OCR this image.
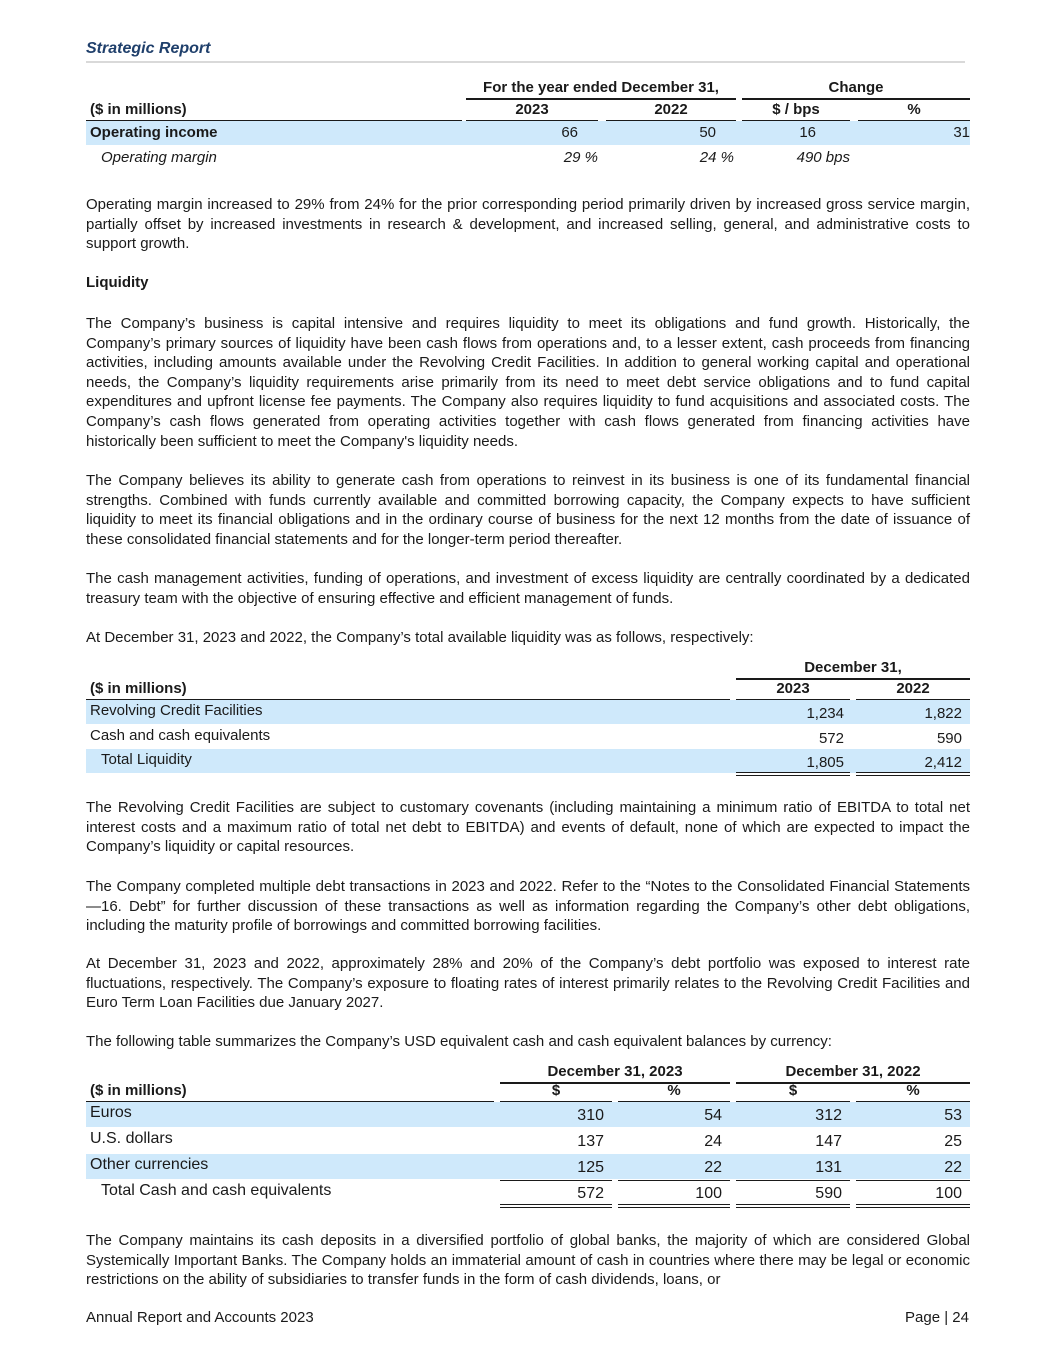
Strategic Report
For the year ended December 31,	Change
($ in millions)	2023	2022	$ / bps	%
Operating income	66	50	16	31
Operating margin	29 %	24 %	490 bps

Operating margin increased to 29% from 24% for the prior corresponding period primarily driven by increased gross service margin, partially offset by increased investments in research & development, and increased selling, general, and administrative costs to support growth.

Liquidity

The Company’s business is capital intensive and requires liquidity to meet its obligations and fund growth. Historically, the Company’s primary sources of liquidity have been cash flows from operations and, to a lesser extent, cash proceeds from financing activities, including amounts available under the Revolving Credit Facilities. In addition to general working capital and operational needs, the Company’s liquidity requirements arise primarily from its need to meet debt service obligations and to fund capital expenditures and upfront license fee payments. The Company also requires liquidity to fund acquisitions and associated costs. The Company’s cash flows generated from operating activities together with cash flows generated from financing activities have historically been sufficient to meet the Company's liquidity needs.

The Company believes its ability to generate cash from operations to reinvest in its business is one of its fundamental financial strengths. Combined with funds currently available and committed borrowing capacity, the Company expects to have sufficient liquidity to meet its financial obligations and in the ordinary course of business for the next 12 months from the date of issuance of these consolidated financial statements and for the longer-term period thereafter.

The cash management activities, funding of operations, and investment of excess liquidity are centrally coordinated by a dedicated treasury team with the objective of ensuring effective and efficient management of funds.

At December 31, 2023 and 2022, the Company’s total available liquidity was as follows, respectively:

December 31,
($ in millions)	2023	2022
Revolving Credit Facilities	1,234	1,822
Cash and cash equivalents	572	590
Total Liquidity	1,805	2,412

The Revolving Credit Facilities are subject to customary covenants (including maintaining a minimum ratio of EBITDA to total net interest costs and a maximum ratio of total net debt to EBITDA) and events of default, none of which are expected to impact the Company’s liquidity or capital resources.

The Company completed multiple debt transactions in 2023 and 2022. Refer to the “Notes to the Consolidated Financial Statements—16. Debt” for further discussion of these transactions as well as information regarding the Company’s other debt obligations, including the maturity profile of borrowings and committed borrowing facilities.

At December 31, 2023 and 2022, approximately 28% and 20% of the Company’s debt portfolio was exposed to interest rate fluctuations, respectively. The Company’s exposure to floating rates of interest primarily relates to the Revolving Credit Facilities and Euro Term Loan Facilities due January 2027.

The following table summarizes the Company’s USD equivalent cash and cash equivalent balances by currency:

December 31, 2023	December 31, 2022
($ in millions)	$	%	$	%
Euros	310	54	312	53
U.S. dollars	137	24	147	25
Other currencies	125	22	131	22
Total Cash and cash equivalents	572	100	590	100

The Company maintains its cash deposits in a diversified portfolio of global banks, the majority of which are considered Global Systemically Important Banks. The Company holds an immaterial amount of cash in countries where there may be legal or economic restrictions on the ability of subsidiaries to transfer funds in the form of cash dividends, loans, or

Annual Report and Accounts 2023	Page | 24
